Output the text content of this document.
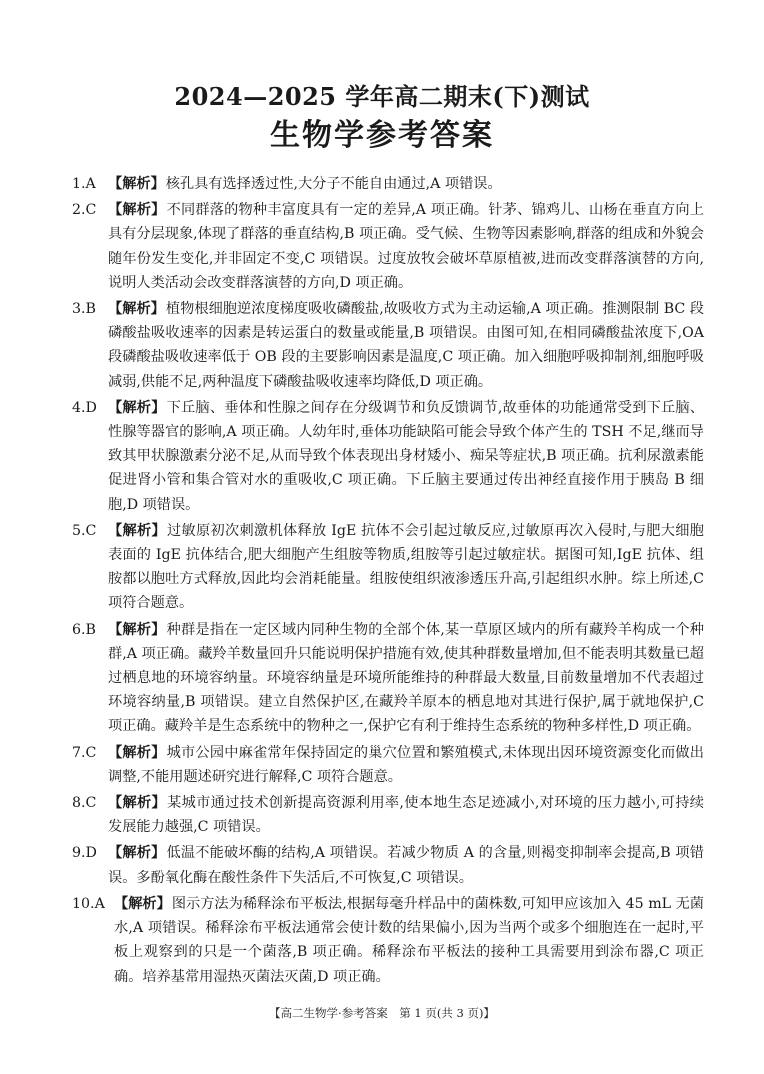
2024—2025 学年高二期末(下)测试
生物学参考答案
1.A 【解析】核孔具有选择透过性,大分子不能自由通过,A 项错误。
2.C 【解析】不同群落的物种丰富度具有一定的差异,A 项正确。针茅、锦鸡儿、山杨在垂直方向上具有分层现象,体现了群落的垂直结构,B 项正确。受气候、生物等因素影响,群落的组成和外貌会随年份发生变化,并非固定不变,C 项错误。过度放牧会破坏草原植被,进而改变群落演替的方向,说明人类活动会改变群落演替的方向,D 项正确。
3.B 【解析】植物根细胞逆浓度梯度吸收磷酸盐,故吸收方式为主动运输,A 项正确。推测限制 BC 段磷酸盐吸收速率的因素是转运蛋白的数量或能量,B 项错误。由图可知,在相同磷酸盐浓度下,OA 段磷酸盐吸收速率低于 OB 段的主要影响因素是温度,C 项正确。加入细胞呼吸抑制剂,细胞呼吸减弱,供能不足,两种温度下磷酸盐吸收速率均降低,D 项正确。
4.D 【解析】下丘脑、垂体和性腺之间存在分级调节和负反馈调节,故垂体的功能通常受到下丘脑、性腺等器官的影响,A 项正确。人幼年时,垂体功能缺陷可能会导致个体产生的 TSH 不足,继而导致其甲状腺激素分泌不足,从而导致个体表现出身材矮小、痴呆等症状,B 项正确。抗利尿激素能促进肾小管和集合管对水的重吸收,C 项正确。下丘脑主要通过传出神经直接作用于胰岛 B 细胞,D 项错误。
5.C 【解析】过敏原初次刺激机体释放 IgE 抗体不会引起过敏反应,过敏原再次入侵时,与肥大细胞表面的 IgE 抗体结合,肥大细胞产生组胺等物质,组胺等引起过敏症状。据图可知,IgE 抗体、组胺都以胞吐方式释放,因此均会消耗能量。组胺使组织液渗透压升高,引起组织水肿。综上所述,C 项符合题意。
6.B 【解析】种群是指在一定区域内同种生物的全部个体,某一草原区域内的所有藏羚羊构成一个种群,A 项正确。藏羚羊数量回升只能说明保护措施有效,使其种群数量增加,但不能表明其数量已超过栖息地的环境容纳量。环境容纳量是环境所能维持的种群最大数量,目前数量增加不代表超过环境容纳量,B 项错误。建立自然保护区,在藏羚羊原本的栖息地对其进行保护,属于就地保护,C 项正确。藏羚羊是生态系统中的物种之一,保护它有利于维持生态系统的物种多样性,D 项正确。
7.C 【解析】城市公园中麻雀常年保持固定的巢穴位置和繁殖模式,未体现出因环境资源变化而做出调整,不能用题述研究进行解释,C 项符合题意。
8.C 【解析】某城市通过技术创新提高资源利用率,使本地生态足迹减小,对环境的压力越小,可持续发展能力越强,C 项错误。
9.D 【解析】低温不能破坏酶的结构,A 项错误。若减少物质 A 的含量,则褐变抑制率会提高,B 项错误。多酚氧化酶在酸性条件下失活后,不可恢复,C 项错误。
10.A 【解析】图示方法为稀释涂布平板法,根据每毫升样品中的菌株数,可知甲应该加入 45 mL 无菌水,A 项错误。稀释涂布平板法通常会使计数的结果偏小,因为当两个或多个细胞连在一起时,平板上观察到的只是一个菌落,B 项正确。稀释涂布平板法的接种工具需要用到涂布器,C 项正确。培养基常用湿热灭菌法灭菌,D 项正确。
【高二生物学·参考答案　第 1 页(共 3 页)】
